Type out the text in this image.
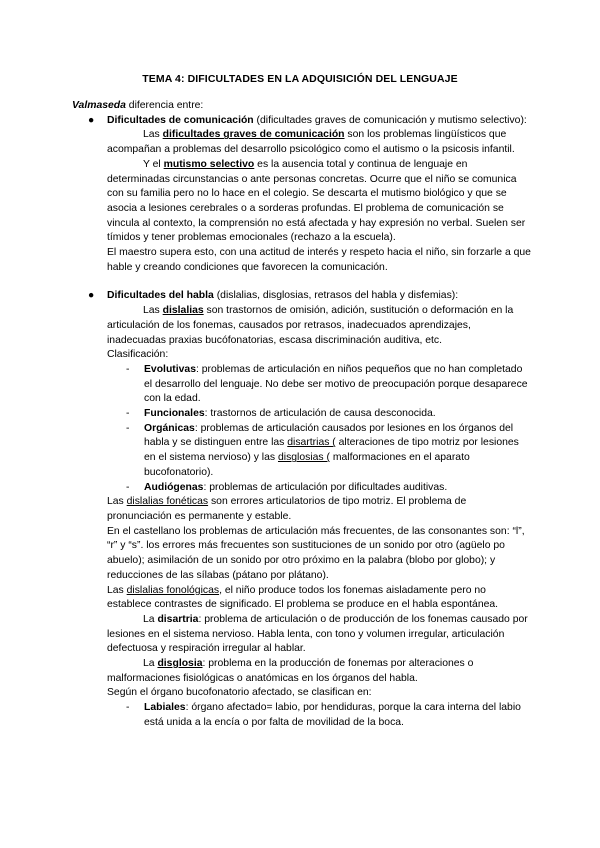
TEMA 4: DIFICULTADES EN LA ADQUISICIÓN DEL LENGUAJE

Valmaseda diferencia entre:

● Dificultades de comunicación (dificultades graves de comunicación y mutismo selectivo):

Las dificultades graves de comunicación son los problemas lingüísticos que acompañan a problemas del desarrollo psicológico como el autismo o la psicosis infantil.

Y el mutismo selectivo es la ausencia total y continua de lenguaje en determinadas circunstancias o ante personas concretas. Ocurre que el niño se comunica con su familia pero no lo hace en el colegio. Se descarta el mutismo biológico y que se asocia a lesiones cerebrales o a sorderas profundas. El problema de comunicación se vincula al contexto, la comprensión no está afectada y hay expresión no verbal. Suelen ser tímidos y tener problemas emocionales (rechazo a la escuela).

El maestro supera esto, con una actitud de interés y respeto hacia el niño, sin forzarle a que hable y creando condiciones que favorecen la comunicación.

● Dificultades del habla (dislalias, disglosias, retrasos del habla y disfemias):

Las dislalias son trastornos de omisión, adición, sustitución o deformación en la articulación de los fonemas, causados por retrasos, inadecuados aprendizajes, inadecuadas praxias bucófonatorias, escasa discriminación auditiva, etc.

Clasificación:

- Evolutivas: problemas de articulación en niños pequeños que no han completado el desarrollo del lenguaje. No debe ser motivo de preocupación porque desaparece con la edad.
- Funcionales: trastornos de articulación de causa desconocida.
- Orgánicas: problemas de articulación causados por lesiones en los órganos del habla y se distinguen entre las disartrias ( alteraciones de tipo motriz por lesiones en el sistema nervioso) y las disglosias ( malformaciones en el aparato bucofonatorio).
- Audiógenas: problemas de articulación por dificultades auditivas.

Las dislalias fonéticas son errores articulatorios de tipo motriz. El problema de pronunciación es permanente y estable.

En el castellano los problemas de articulación más frecuentes, de las consonantes son: “l”, “r” y “s”. los errores más frecuentes son sustituciones de un sonido por otro (agüelo po abuelo); asimilación de un sonido por otro próximo en la palabra (blobo por globo); y reducciones de las sílabas (pátano por plátano).

Las dislalias fonológicas, el niño produce todos los fonemas aisladamente pero no establece contrastes de significado. El problema se produce en el habla espontánea.

La disartria: problema de articulación o de producción de los fonemas causado por lesiones en el sistema nervioso. Habla lenta, con tono y volumen irregular, articulación defectuosa y respiración irregular al hablar.

La disglosia: problema en la producción de fonemas por alteraciones o malformaciones fisiológicas o anatómicas en los órganos del habla.

Según el órgano bucofonatorio afectado, se clasifican en:

- Labiales: órgano afectado= labio, por hendiduras, porque la cara interna del labio está unida a la encía o por falta de movilidad de la boca.
